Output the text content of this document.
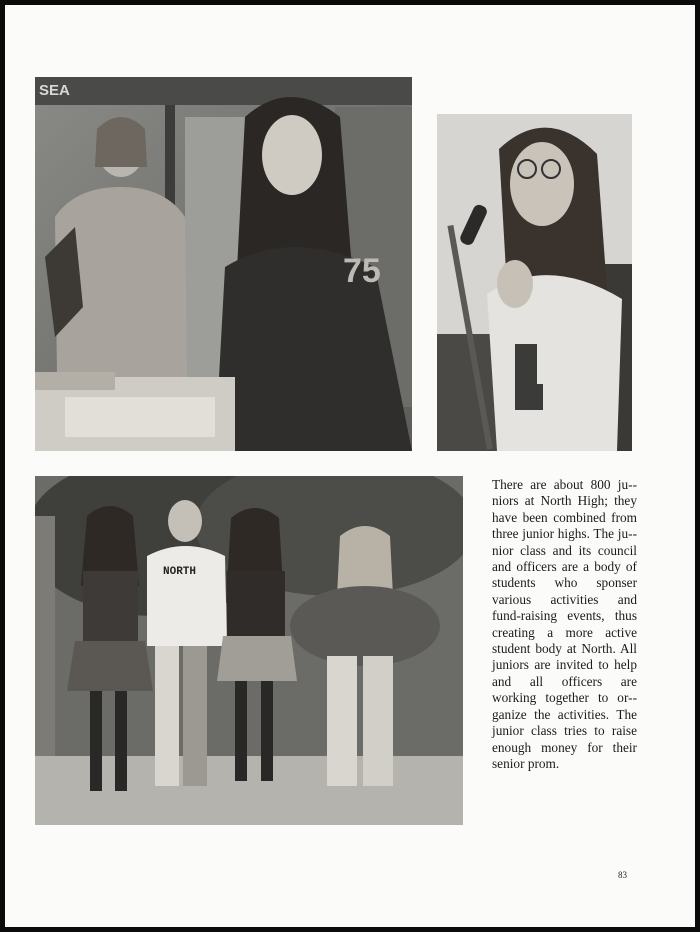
SEA
75
NORTH
There are about 800 ju-niors at North High; they have been combined from three junior highs. The ju-nior class and its council and officers are a body of students who sponser various activities and fund-raising events, thus creating a more active student body at North. All juniors are invited to help and all officers are working together to or-ganize the activities. The junior class tries to raise enough money for their senior prom.
83
